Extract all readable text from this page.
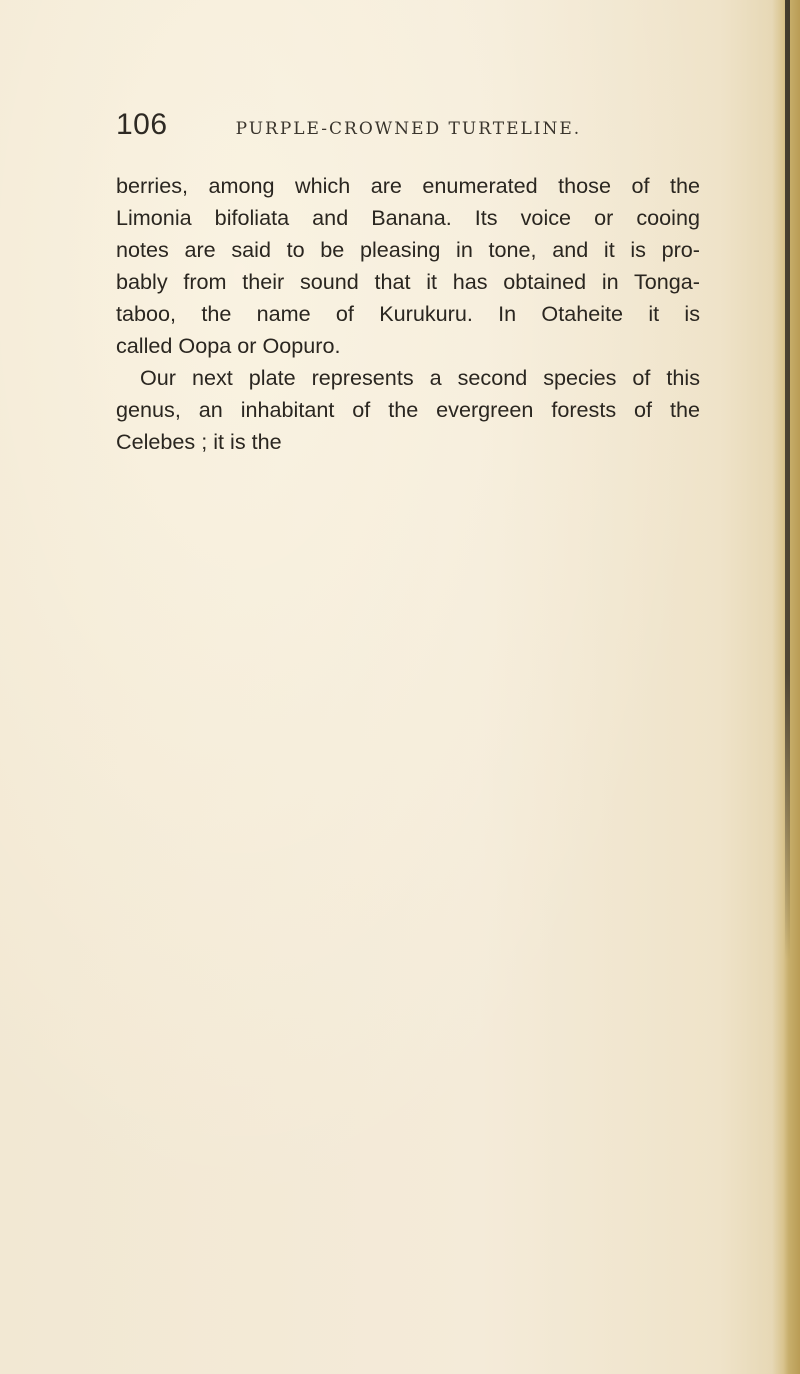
106	PURPLE-CROWNED TURTELINE.
berries, among which are enumerated those of the
Limonia bifoliata and Banana. Its voice or cooing
notes are said to be pleasing in tone, and it is pro-
bably from their sound that it has obtained in Tonga-
taboo, the name of Kurukuru. In Otaheite it is
called Oopa or Oopuro.
Our next plate represents a second species of this
genus, an inhabitant of the evergreen forests of the
Celebes ; it is the
